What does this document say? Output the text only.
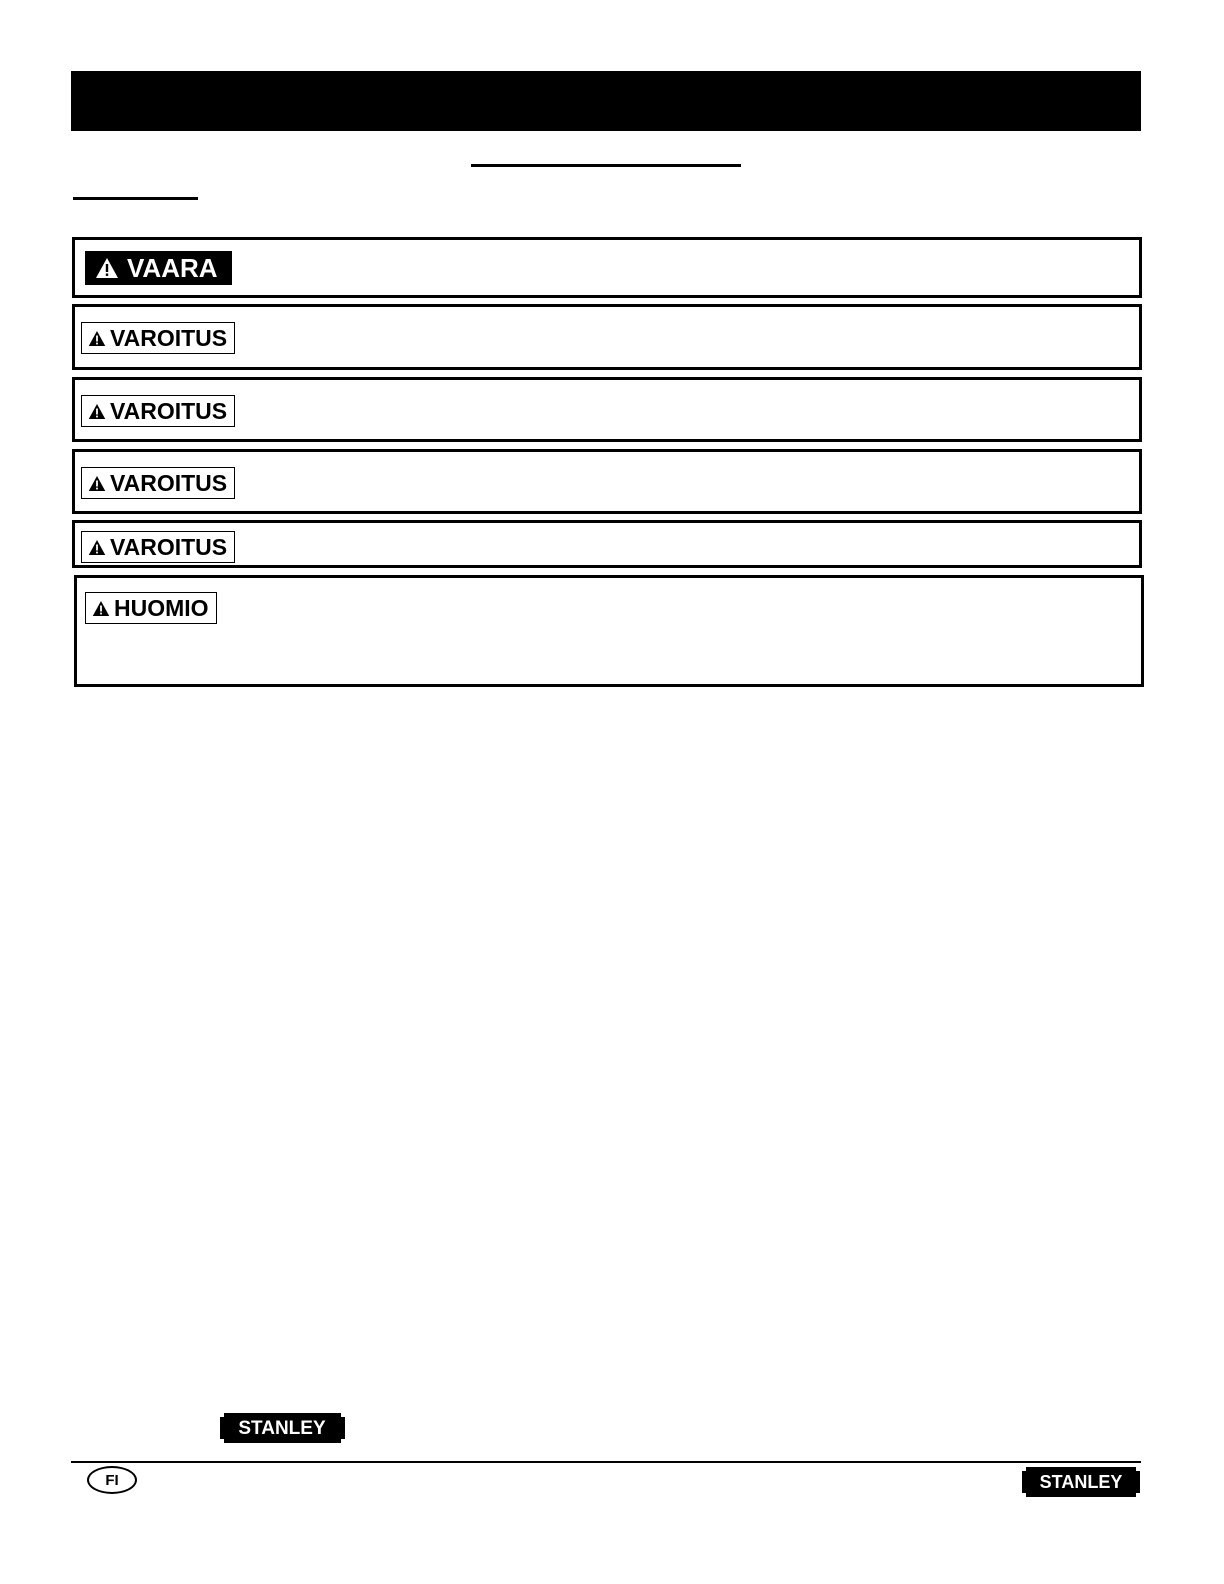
VAARA
VAROITUS
VAROITUS
VAROITUS
VAROITUS
HUOMIO
STANLEY
FI	STANLEY
